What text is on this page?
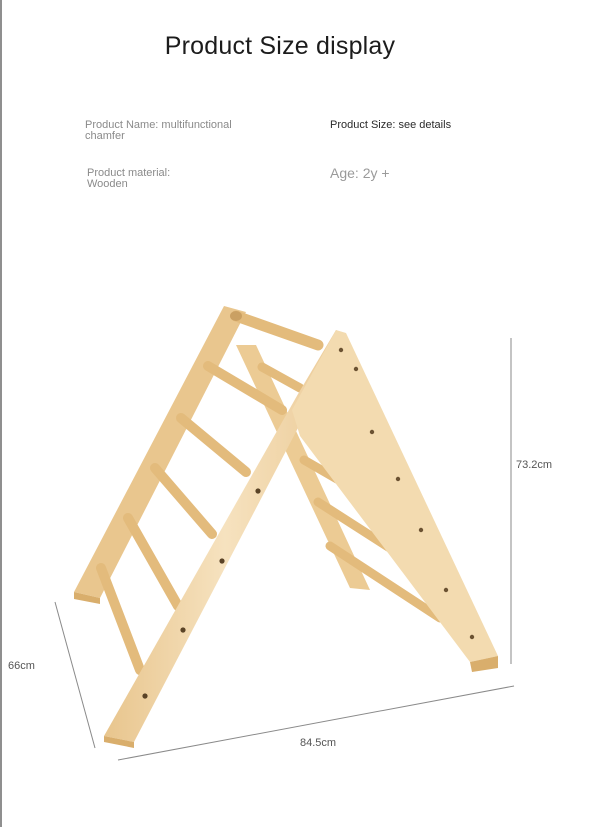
Product Size display
Product Name: multifunctional
chamfer
Product Size: see details
Product material:
Wooden
Age: 2y +
73.2cm
66cm
84.5cm
